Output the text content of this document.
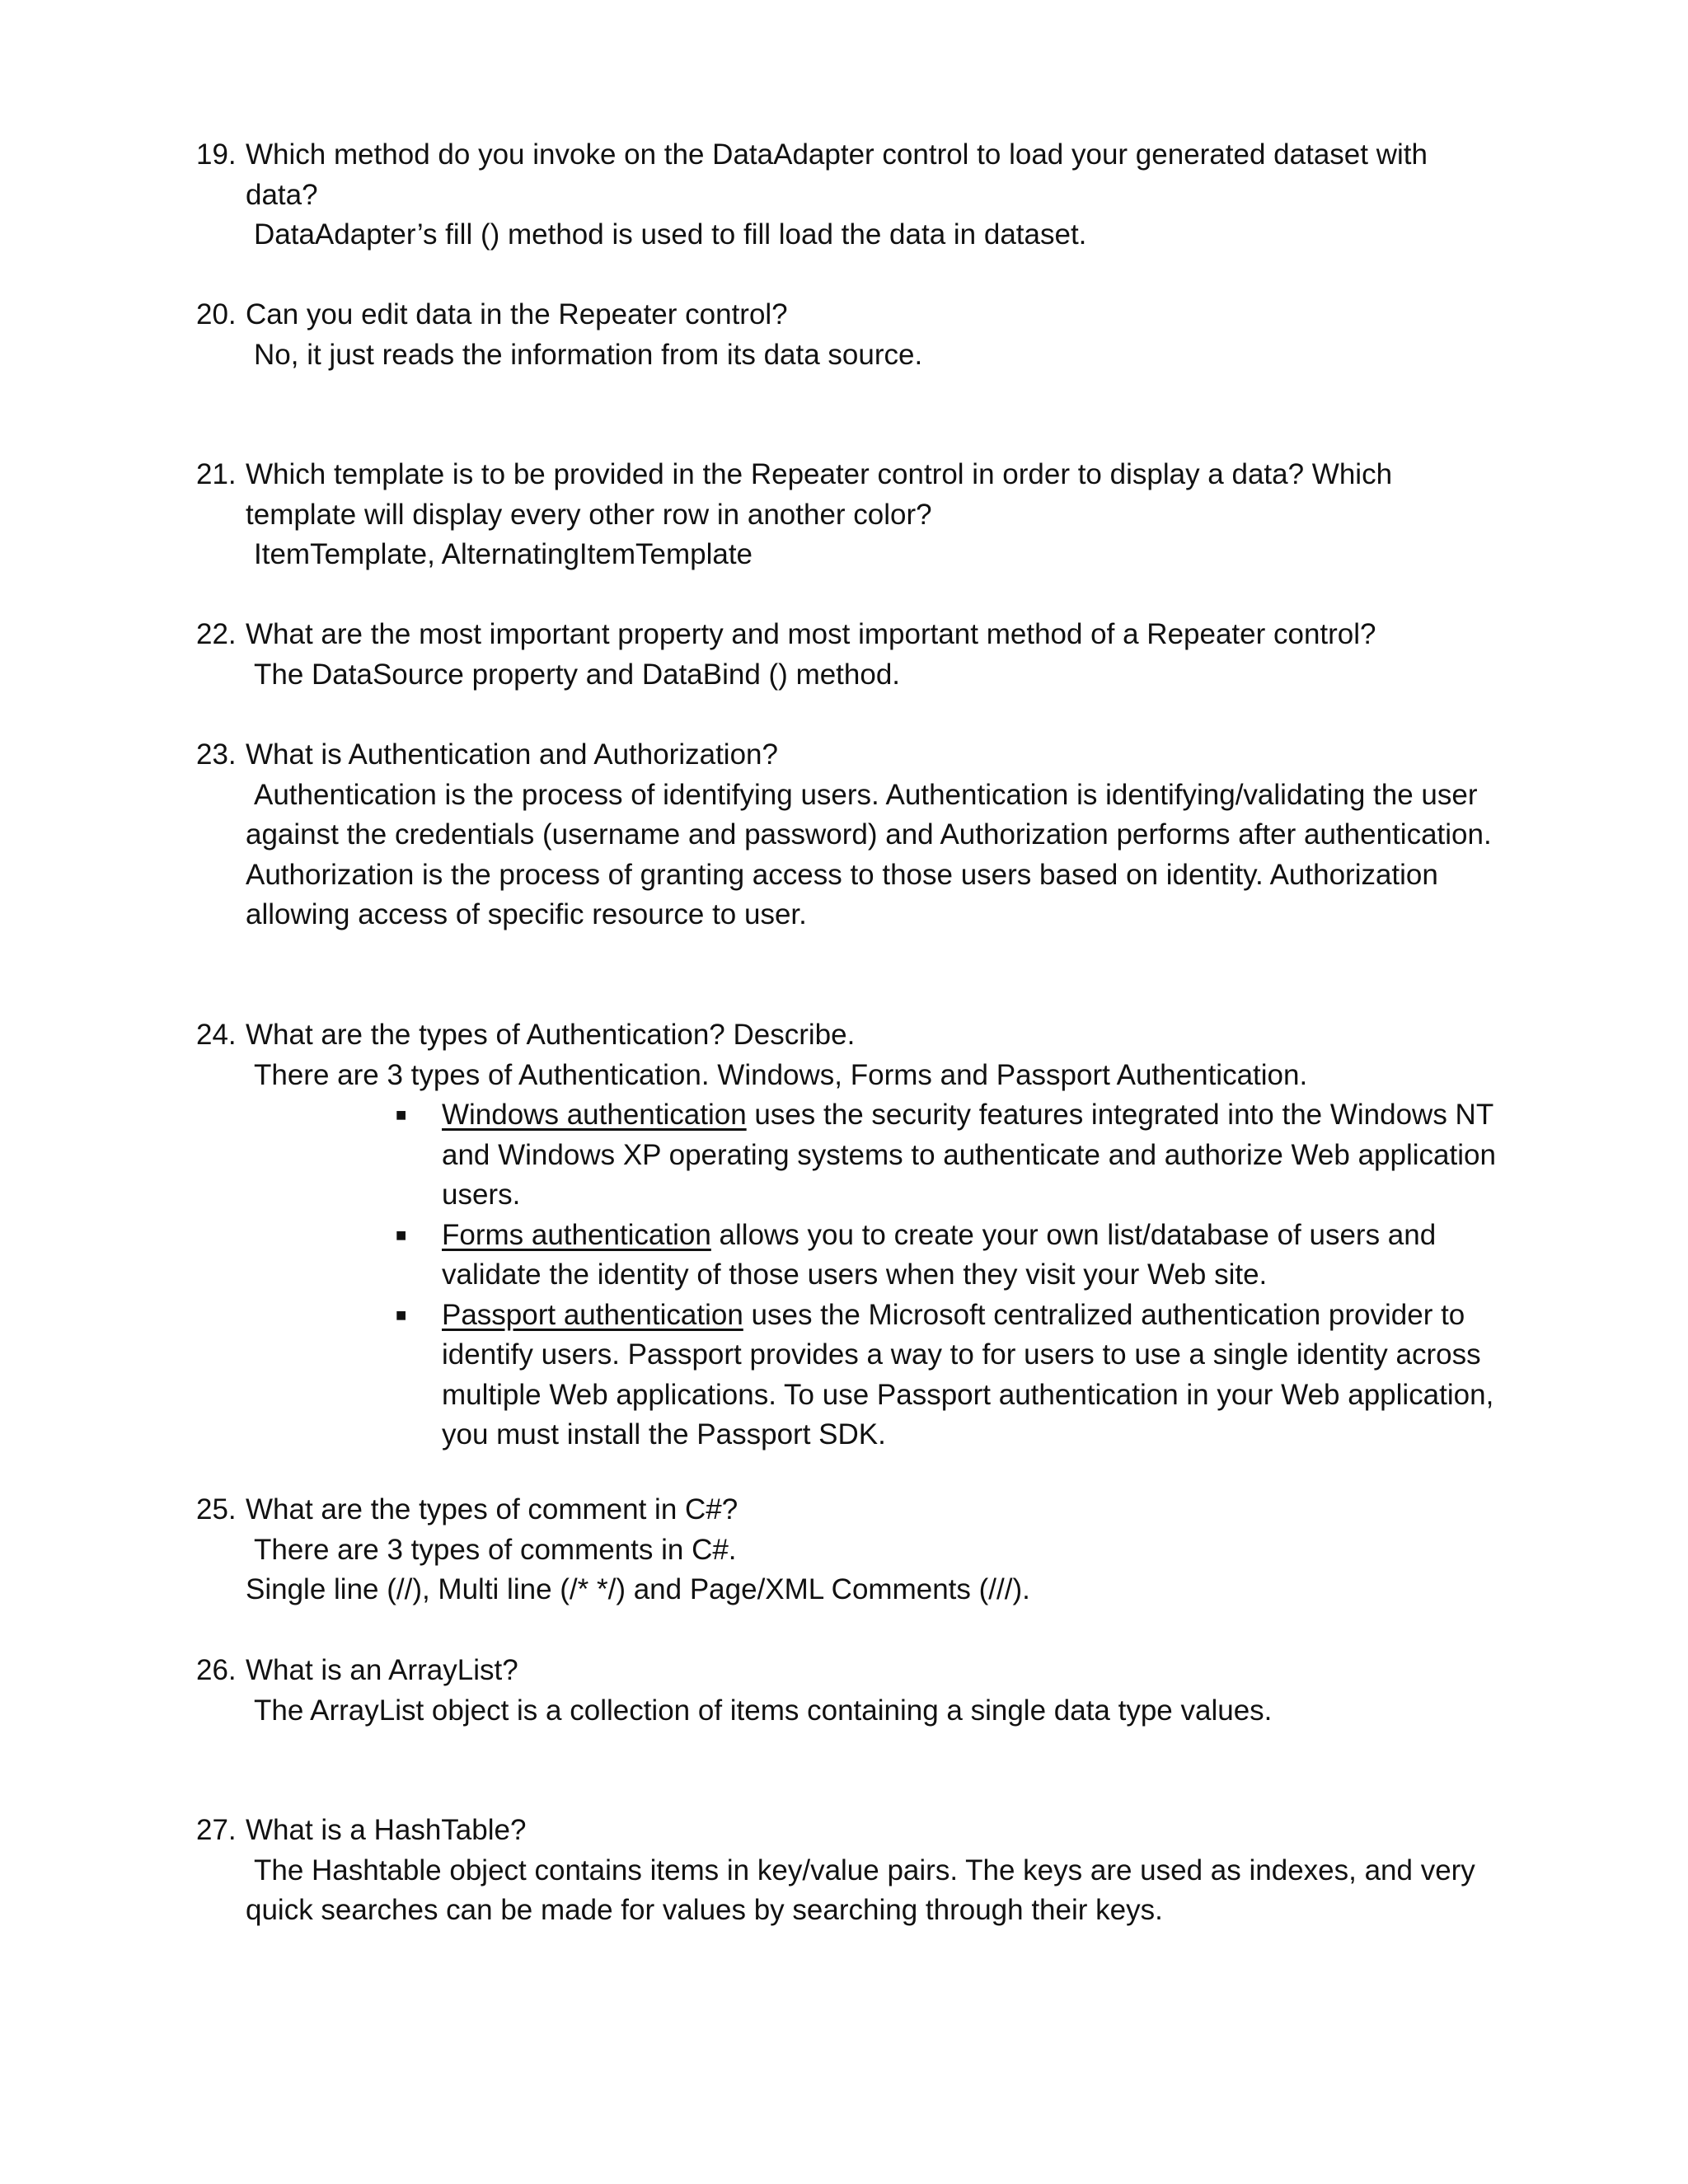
19. Which method do you invoke on the DataAdapter control to load your generated dataset with
data?
DataAdapter’s fill () method is used to fill load the data in dataset.
20. Can you edit data in the Repeater control?
No, it just reads the information from its data source.
21. Which template is to be provided in the Repeater control in order to display a data? Which
template will display every other row in another color?
ItemTemplate, AlternatingItemTemplate
22. What are the most important property and most important method of a Repeater control?
The DataSource property and DataBind () method.
23. What is Authentication and Authorization?
Authentication is the process of identifying users. Authentication is identifying/validating the user
against the credentials (username and password) and Authorization performs after authentication.
Authorization is the process of granting access to those users based on identity. Authorization
allowing access of specific resource to user.
24. What are the types of Authentication? Describe.
There are 3 types of Authentication. Windows, Forms and Passport Authentication.
■ Windows authentication uses the security features integrated into the Windows NT
and Windows XP operating systems to authenticate and authorize Web application
users.
■ Forms authentication allows you to create your own list/database of users and
validate the identity of those users when they visit your Web site.
■ Passport authentication uses the Microsoft centralized authentication provider to
identify users. Passport provides a way to for users to use a single identity across
multiple Web applications. To use Passport authentication in your Web application,
you must install the Passport SDK.
25. What are the types of comment in C#?
There are 3 types of comments in C#.
Single line (//), Multi line (/* */) and Page/XML Comments (///).
26. What is an ArrayList?
The ArrayList object is a collection of items containing a single data type values.
27. What is a HashTable?
The Hashtable object contains items in key/value pairs. The keys are used as indexes, and very
quick searches can be made for values by searching through their keys.
